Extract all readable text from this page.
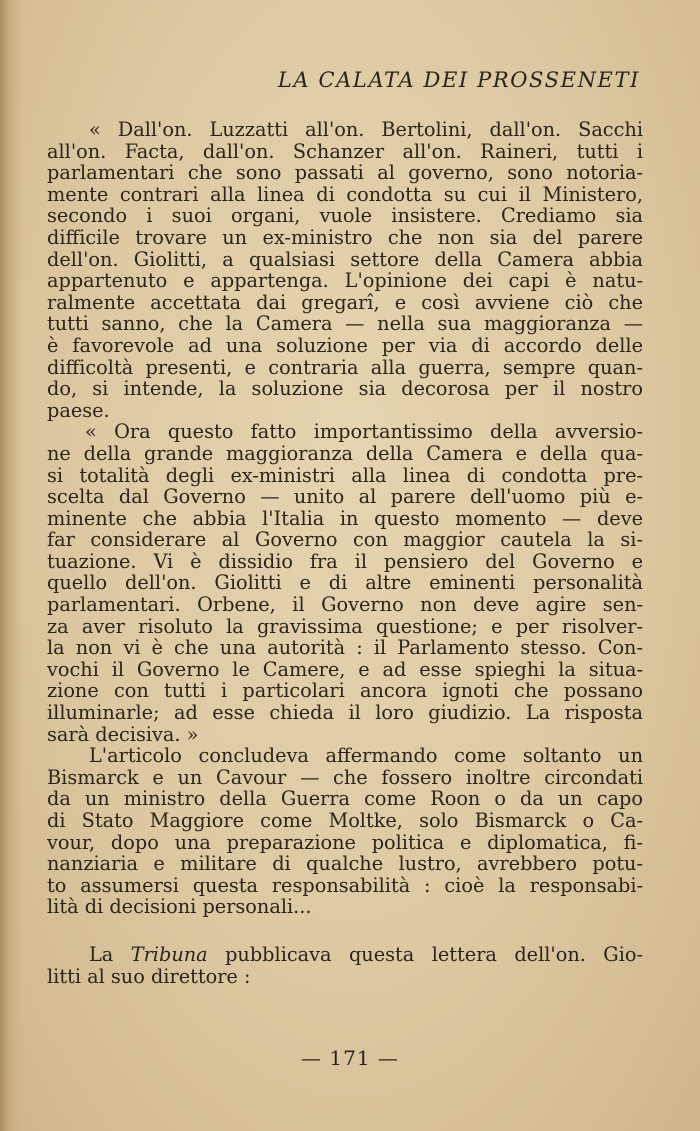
LA CALATA DEI PROSSENETI
« Dall'on. Luzzatti all'on. Bertolini, dall'on. Sacchi
all'on. Facta, dall'on. Schanzer all'on. Raineri, tutti i
parlamentari che sono passati al governo, sono notoria-
mente contrari alla linea di condotta su cui il Ministero,
secondo i suoi organi, vuole insistere. Crediamo sia
difficile trovare un ex-ministro che non sia del parere
dell'on. Giolitti, a qualsiasi settore della Camera abbia
appartenuto e appartenga. L'opinione dei capi è natu-
ralmente accettata dai gregarî, e così avviene ciò che
tutti sanno, che la Camera — nella sua maggioranza —
è favorevole ad una soluzione per via di accordo delle
difficoltà presenti, e contraria alla guerra, sempre quan-
do, si intende, la soluzione sia decorosa per il nostro
paese.
« Ora questo fatto importantissimo della avversio-
ne della grande maggioranza della Camera e della qua-
si totalità degli ex-ministri alla linea di condotta pre-
scelta dal Governo — unito al parere dell'uomo più e-
minente che abbia l'Italia in questo momento — deve
far considerare al Governo con maggior cautela la si-
tuazione. Vi è dissidio fra il pensiero del Governo e
quello dell'on. Giolitti e di altre eminenti personalità
parlamentari. Orbene, il Governo non deve agire sen-
za aver risoluto la gravissima questione; e per risolver-
la non vi è che una autorità : il Parlamento stesso. Con-
vochi il Governo le Camere, e ad esse spieghi la situa-
zione con tutti i particolari ancora ignoti che possano
illuminarle; ad esse chieda il loro giudizio. La risposta
sarà decisiva. »
L'articolo concludeva affermando come soltanto un
Bismarck e un Cavour — che fossero inoltre circondati
da un ministro della Guerra come Roon o da un capo
di Stato Maggiore come Moltke, solo Bismarck o Ca-
vour, dopo una preparazione politica e diplomatica, fi-
nanziaria e militare di qualche lustro, avrebbero potu-
to assumersi questa responsabilità : cioè la responsabi-
lità di decisioni personali...
La Tribuna pubblicava questa lettera dell'on. Gio-
litti al suo direttore :
— 171 —
